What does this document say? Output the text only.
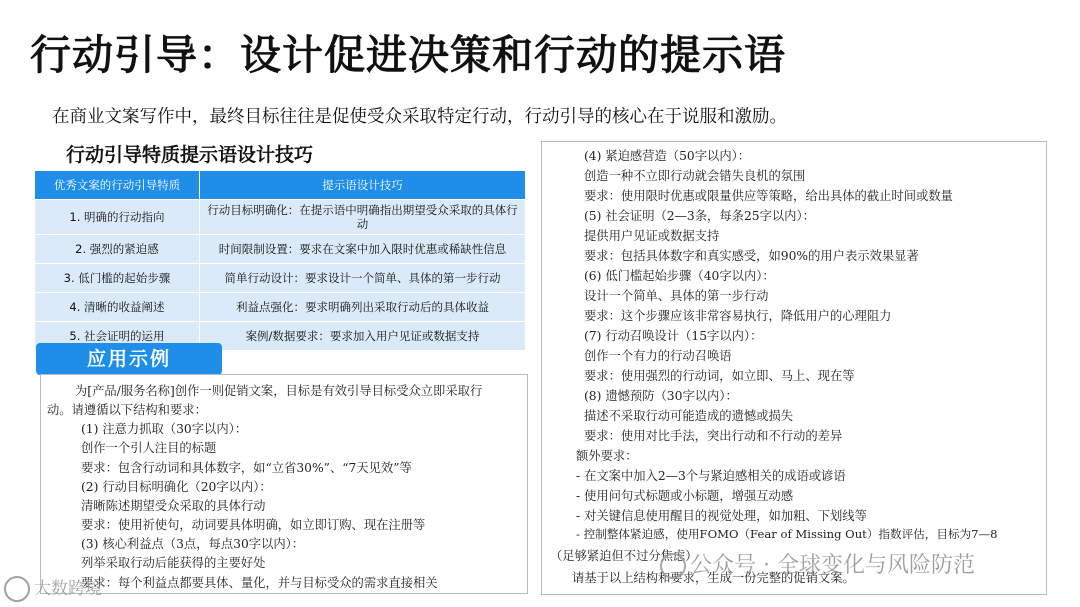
行动引导：设计促进决策和行动的提示语
在商业文案写作中，最终目标往往是促使受众采取特定行动，行动引导的核心在于说服和激励。
行动引导特质提示语设计技巧
优秀文案的行动引导特质	提示语设计技巧
1. 明确的行动指向	行动目标明确化：在提示语中明确指出期望受众采取的具体行动
2. 强烈的紧迫感	时间限制设置：要求在文案中加入限时优惠或稀缺性信息
3. 低门槛的起始步骤	简单行动设计：要求设计一个简单、具体的第一步行动
4. 清晰的收益阐述	利益点强化：要求明确列出采取行动后的具体收益
5. 社会证明的运用	案例/数据要求：要求加入用户见证或数据支持
应用示例
为[产品/服务名称]创作一则促销文案，目标是有效引导目标受众立即采取行
动。请遵循以下结构和要求：
(1) 注意力抓取（30字以内）：
创作一个引人注目的标题
要求：包含行动词和具体数字，如“立省30%”、“7天见效”等
(2) 行动目标明确化（20字以内）：
清晰陈述期望受众采取的具体行动
要求：使用祈使句，动词要具体明确，如立即订购、现在注册等
(3) 核心利益点（3点，每点30字以内）：
列举采取行动后能获得的主要好处
要求：每个利益点都要具体、量化，并与目标受众的需求直接相关
(4) 紧迫感营造（50字以内）：
创造一种不立即行动就会错失良机的氛围
要求：使用限时优惠或限量供应等策略，给出具体的截止时间或数量
(5) 社会证明（2—3条，每条25字以内）：
提供用户见证或数据支持
要求：包括具体数字和真实感受，如90%的用户表示效果显著
(6) 低门槛起始步骤（40字以内）：
设计一个简单、具体的第一步行动
要求：这个步骤应该非常容易执行，降低用户的心理阻力
(7) 行动召唤设计（15字以内）：
创作一个有力的行动召唤语
要求：使用强烈的行动词，如立即、马上、现在等
(8) 遗憾预防（30字以内）：
描述不采取行动可能造成的遗憾或损失
要求：使用对比手法，突出行动和不行动的差异
额外要求：
- 在文案中加入2—3个与紧迫感相关的成语或谚语
- 使用问句式标题或小标题，增强互动感
- 对关键信息使用醒目的视觉处理，如加粗、下划线等
- 控制整体紧迫感，使用FOMO（Fear of Missing Out）指数评估，目标为7—8
（足够紧迫但不过分焦虑）
请基于以上结构和要求，生成一份完整的促销文案。
大数跨境
公众号 · 全球变化与风险防范
